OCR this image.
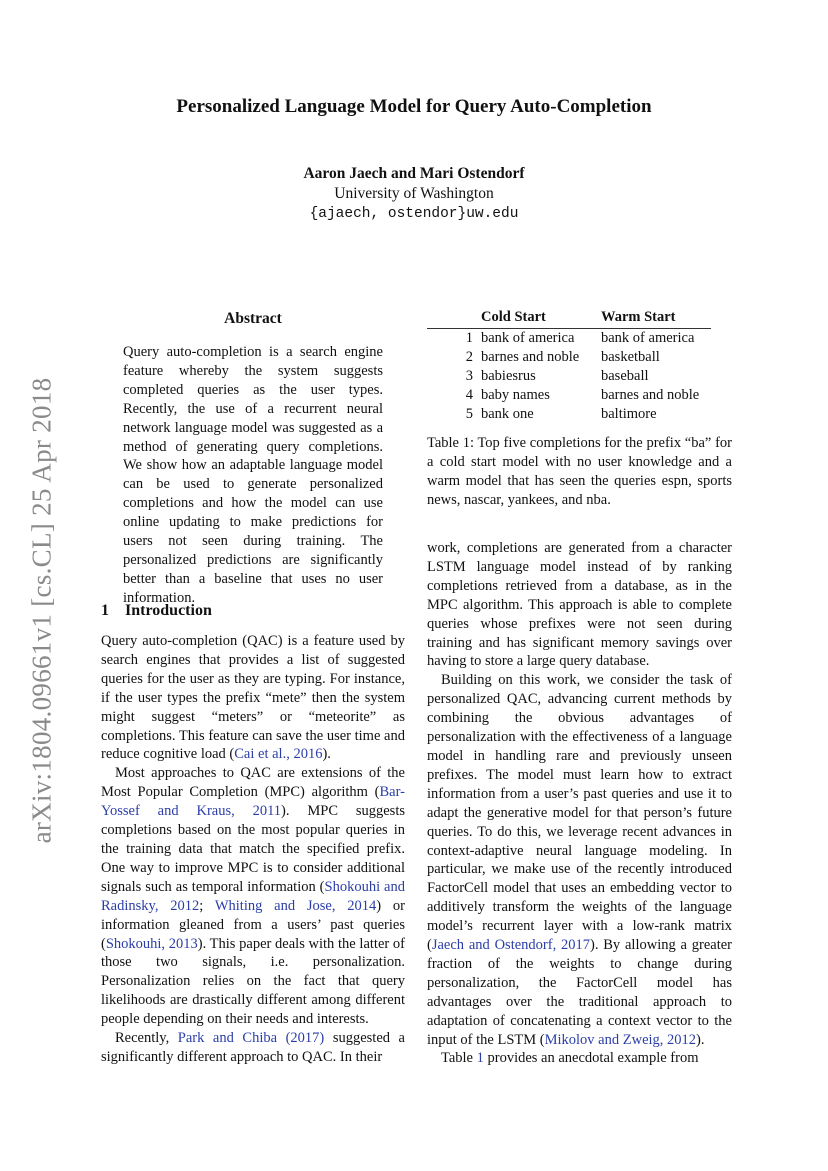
arXiv:1804.09661v1 [cs.CL] 25 Apr 2018
Personalized Language Model for Query Auto-Completion
Aaron Jaech and Mari Ostendorf
University of Washington
{ajaech, ostendor}uw.edu
Abstract
Query auto-completion is a search engine feature whereby the system suggests completed queries as the user types. Recently, the use of a recurrent neural network language model was suggested as a method of generating query completions. We show how an adaptable language model can be used to generate personalized completions and how the model can use online updating to make predictions for users not seen during training. The personalized predictions are significantly better than a baseline that uses no user information.
1 Introduction

Query auto-completion (QAC) is a feature used by search engines that provides a list of suggested queries for the user as they are typing. For instance, if the user types the prefix “mete” then the system might suggest “meters” or “meteorite” as completions. This feature can save the user time and reduce cognitive load (Cai et al., 2016).

Most approaches to QAC are extensions of the Most Popular Completion (MPC) algorithm (Bar-Yossef and Kraus, 2011). MPC suggests completions based on the most popular queries in the training data that match the specified prefix. One way to improve MPC is to consider additional signals such as temporal information (Shokouhi and Radinsky, 2012; Whiting and Jose, 2014) or information gleaned from a users’ past queries (Shokouhi, 2013). This paper deals with the latter of those two signals, i.e. personalization. Personalization relies on the fact that query likelihoods are drastically different among different people depending on their needs and interests.

Recently, Park and Chiba (2017) suggested a significantly different approach to QAC. In their

	Cold Start	Warm Start
1	bank of america	bank of america
2	barnes and noble	basketball
3	babiesrus	baseball
4	baby names	barnes and noble
5	bank one	baltimore
Table 1: Top five completions for the prefix “ba” for a cold start model with no user knowledge and a warm model that has seen the queries espn, sports news, nascar, yankees, and nba.

work, completions are generated from a character LSTM language model instead of by ranking completions retrieved from a database, as in the MPC algorithm. This approach is able to complete queries whose prefixes were not seen during training and has significant memory savings over having to store a large query database.

Building on this work, we consider the task of personalized QAC, advancing current methods by combining the obvious advantages of personalization with the effectiveness of a language model in handling rare and previously unseen prefixes. The model must learn how to extract information from a user’s past queries and use it to adapt the generative model for that person’s future queries. To do this, we leverage recent advances in context-adaptive neural language modeling. In particular, we make use of the recently introduced FactorCell model that uses an embedding vector to additively transform the weights of the language model’s recurrent layer with a low-rank matrix (Jaech and Ostendorf, 2017). By allowing a greater fraction of the weights to change during personalization, the FactorCell model has advantages over the traditional approach to adaptation of concatenating a context vector to the input of the LSTM (Mikolov and Zweig, 2012).

Table 1 provides an anecdotal example from
